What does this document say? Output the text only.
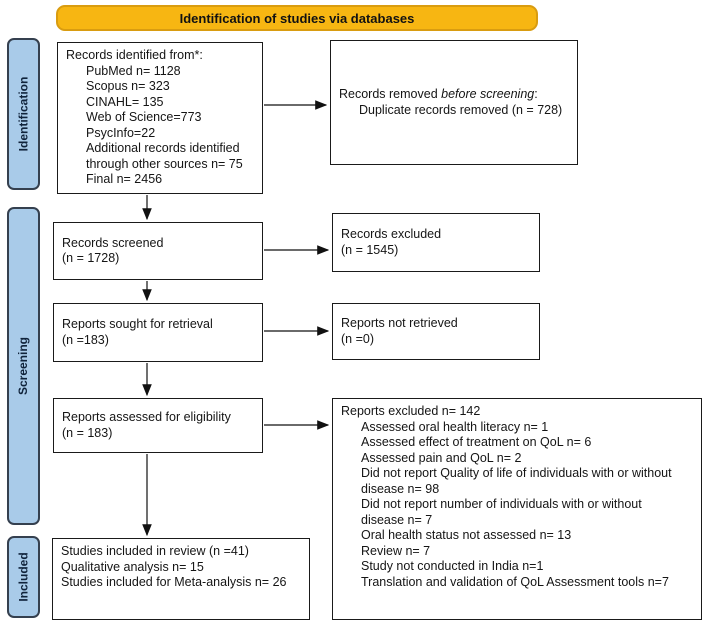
Identification of studies via databases
Identification
Screening
Included
Records identified from*:
PubMed n= 1128
Scopus n= 323
CINAHL= 135
Web of Science=773
PsycInfo=22
Additional records identified
through other sources n= 75
Final n= 2456
Records removed before screening:
Duplicate records removed (n = 728)
Records screened
(n = 1728)
Records excluded
(n = 1545)
Reports sought for retrieval
(n =183)
Reports not retrieved
(n =0)
Reports assessed for eligibility
(n = 183)
Reports excluded n= 142
Assessed oral health literacy n= 1
Assessed effect of treatment on QoL n= 6
Assessed pain and QoL n= 2
Did not report Quality of life of individuals with or without
disease n= 98
Did not report number of individuals with or without
disease n= 7
Oral health status not assessed n= 13
Review n= 7
Study not conducted in India n=1
Translation and validation of QoL Assessment tools n=7
Studies included in review (n =41)
Qualitative analysis n= 15
Studies included for Meta-analysis n= 26
